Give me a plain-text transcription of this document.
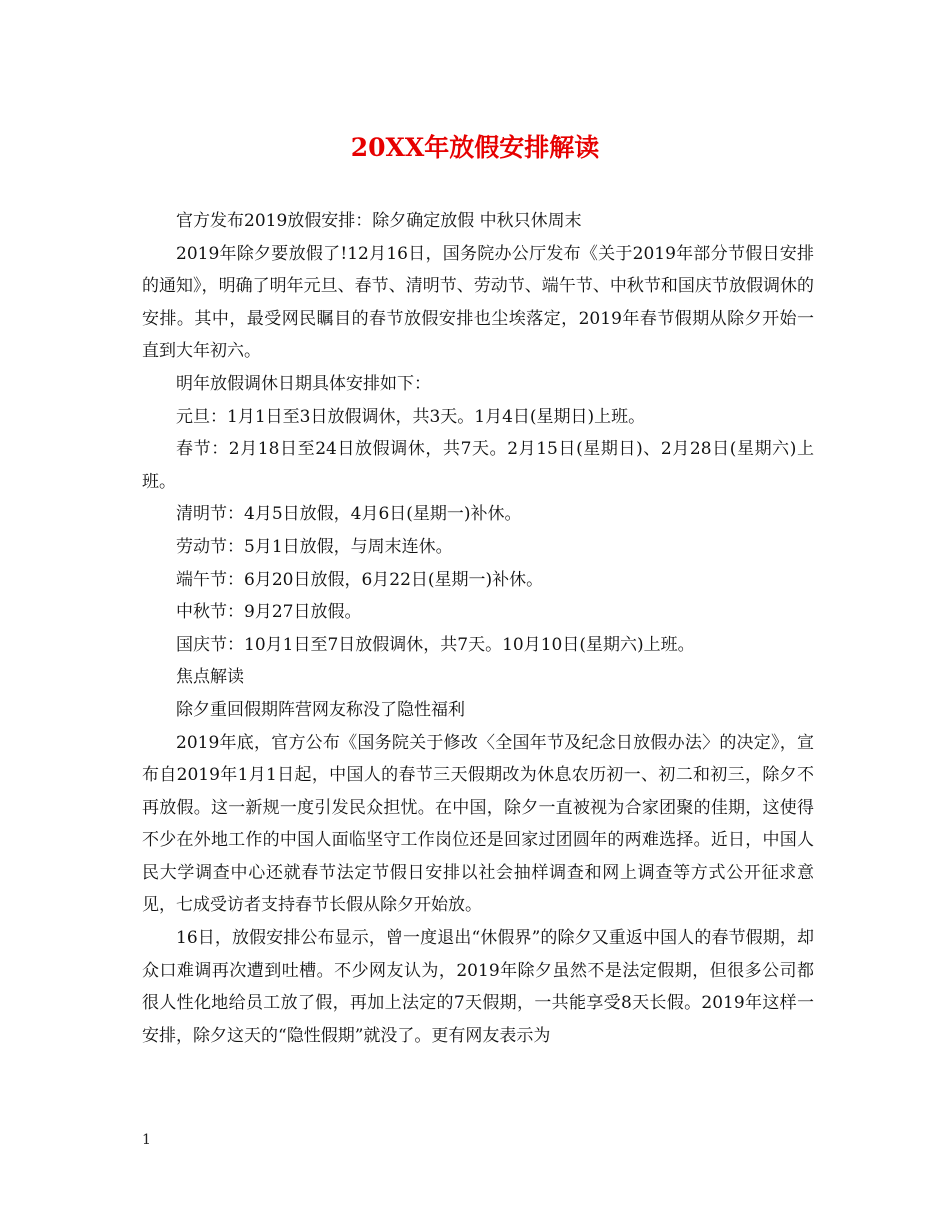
20XX年放假安排解读

官方发布2019放假安排：除夕确定放假 中秋只休周末

2019年除夕要放假了!12月16日，国务院办公厅发布《关于2019年部分节假日安排的通知》，明确了明年元旦、春节、清明节、劳动节、端午节、中秋节和国庆节放假调休的安排。其中，最受网民瞩目的春节放假安排也尘埃落定，2019年春节假期从除夕开始一直到大年初六。

明年放假调休日期具体安排如下：

元旦：1月1日至3日放假调休，共3天。1月4日(星期日)上班。

春节：2月18日至24日放假调休，共7天。2月15日(星期日)、2月28日(星期六)上班。

清明节：4月5日放假，4月6日(星期一)补休。

劳动节：5月1日放假，与周末连休。

端午节：6月20日放假，6月22日(星期一)补休。

中秋节：9月27日放假。

国庆节：10月1日至7日放假调休，共7天。10月10日(星期六)上班。

焦点解读

除夕重回假期阵营网友称没了隐性福利

2019年底，官方公布《国务院关于修改〈全国年节及纪念日放假办法〉的决定》，宣布自2019年1月1日起，中国人的春节三天假期改为休息农历初一、初二和初三，除夕不再放假。这一新规一度引发民众担忧。在中国，除夕一直被视为合家团聚的佳期，这使得不少在外地工作的中国人面临坚守工作岗位还是回家过团圆年的两难选择。近日，中国人民大学调查中心还就春节法定节假日安排以社会抽样调查和网上调查等方式公开征求意见，七成受访者支持春节长假从除夕开始放。

16日，放假安排公布显示，曾一度退出“休假界”的除夕又重返中国人的春节假期，却众口难调再次遭到吐槽。不少网友认为，2019年除夕虽然不是法定假期，但很多公司都很人性化地给员工放了假，再加上法定的7天假期，一共能享受8天长假。2019年这样一安排，除夕这天的“隐性假期”就没了。更有网友表示为

1
